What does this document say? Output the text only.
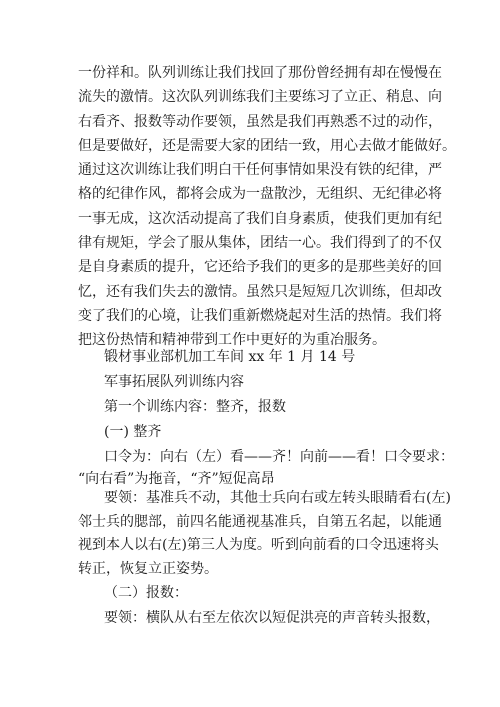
一份祥和。队列训练让我们找回了那份曾经拥有却在慢慢在
流失的激情。这次队列训练我们主要练习了立正、稍息、向
右看齐、报数等动作要领，虽然是我们再熟悉不过的动作，
但是要做好，还是需要大家的团结一致，用心去做才能做好。
通过这次训练让我们明白干任何事情如果没有铁的纪律，严
格的纪律作风，都将会成为一盘散沙，无组织、无纪律必将
一事无成，这次活动提高了我们自身素质，使我们更加有纪
律有规矩，学会了服从集体，团结一心。我们得到了的不仅
是自身素质的提升，它还给予我们的更多的是那些美好的回
忆，还有我们失去的激情。虽然只是短短几次训练，但却改
变了我们的心境，让我们重新燃烧起对生活的热情。我们将
把这份热情和精神带到工作中更好的为重冶服务。

锻材事业部机加工车间 xx 年 1 月 14 号

军事拓展队列训练内容

第一个训练内容：整齐，报数

(一) 整齐

口令为：向右（左）看——齐！向前——看！口令要求：

“向右看”为拖音，“齐”短促高昂

要领：基准兵不动，其他士兵向右或左转头眼睛看右(左)
邻士兵的腮部，前四名能通视基准兵，自第五名起，以能通
视到本人以右(左)第三人为度。听到向前看的口令迅速将头
转正，恢复立正姿势。

（二）报数：

要领：横队从右至左依次以短促洪亮的声音转头报数，
